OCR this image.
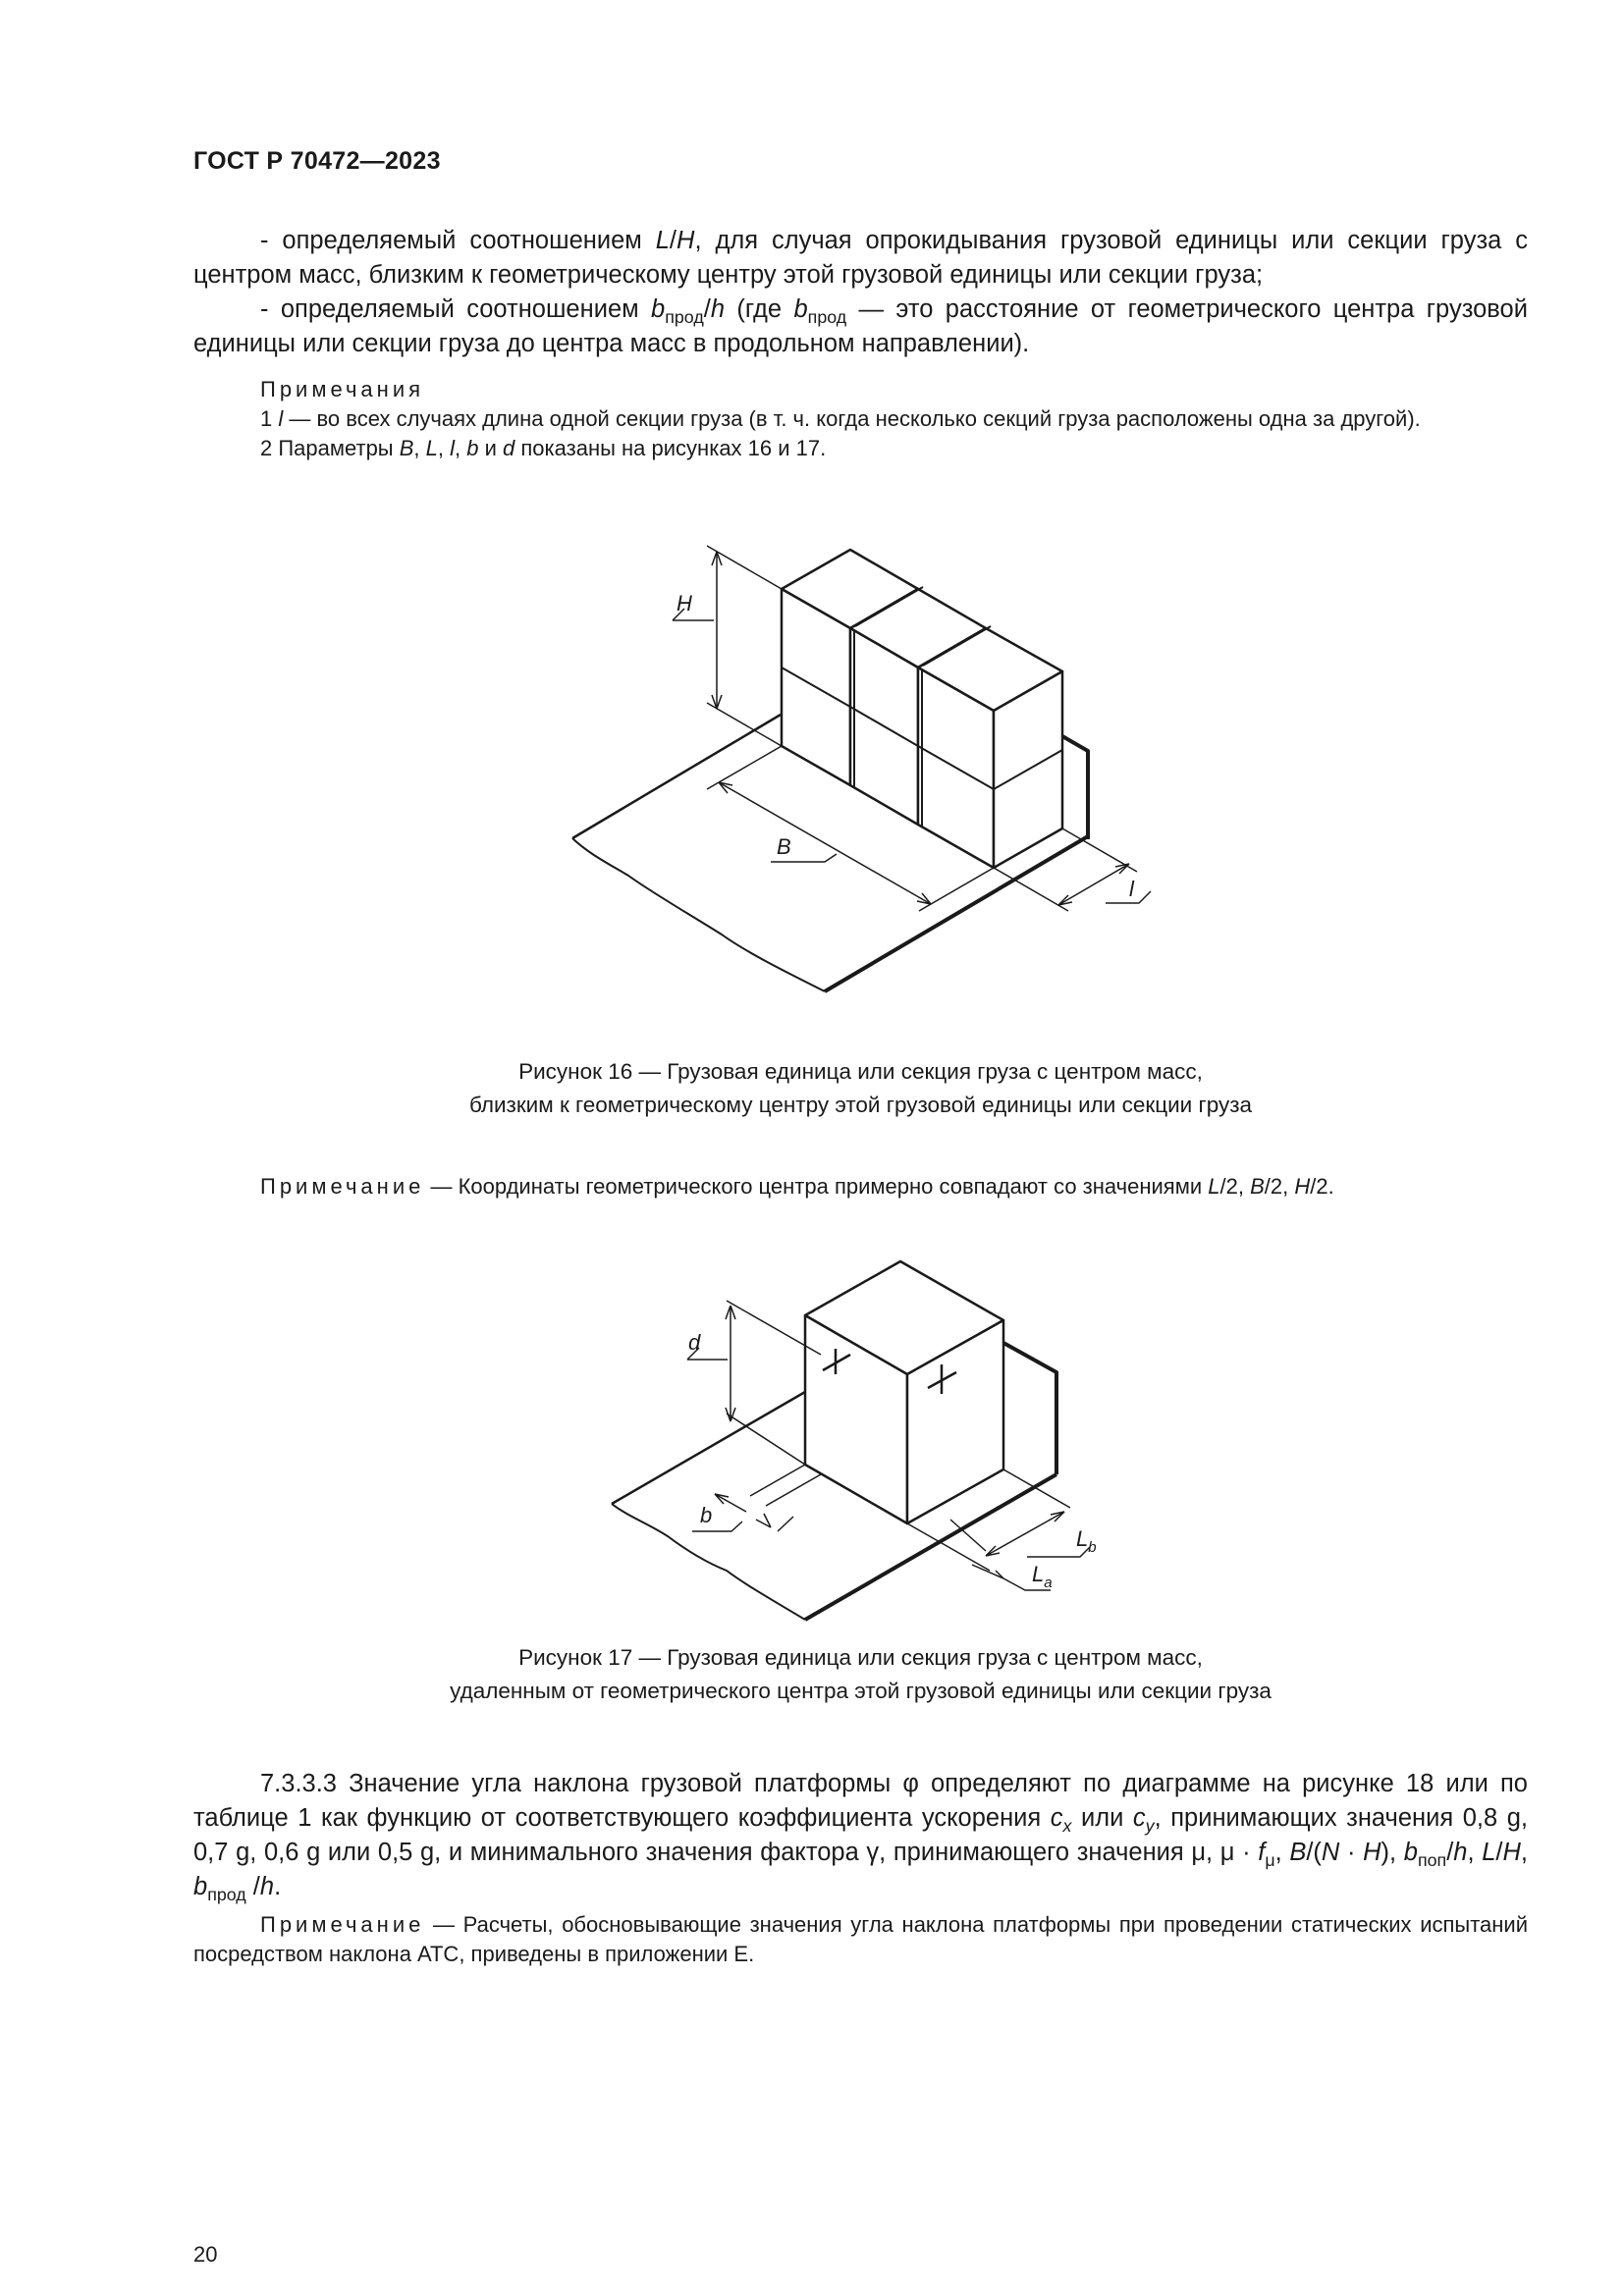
ГОСТ Р 70472—2023
- определяемый соотношением L/H, для случая опрокидывания грузовой единицы или секции груза с центром масс, близким к геометрическому центру этой грузовой единицы или секции груза;
- определяемый соотношением $b_{прод}/h$ (где $b_{прод}$ — это расстояние от геометрического центра грузовой единицы или секции груза до центра масс в продольном направлении).
Примечания
1 l — во всех случаях длина одной секции груза (в т. ч. когда несколько секций груза расположены одна за другой).
2 Параметры B, L, l, b и d показаны на рисунках 16 и 17.
H
B
l
Рисунок 16 — Грузовая единица или секция груза с центром масс,
близким к геометрическому центру этой грузовой единицы или секции груза
Примечание — Координаты геометрического центра примерно совпадают со значениями L/2, B/2, H/2.
d
b
$L_b$
$L_a$
Рисунок 17 — Грузовая единица или секция груза с центром масс,
удаленным от геометрического центра этой грузовой единицы или секции груза
7.3.3.3 Значение угла наклона грузовой платформы φ определяют по диаграмме на рисунке 18 или по таблице 1 как функцию от соответствующего коэффициента ускорения $c_x$ или $c_y$, принимающих значения 0,8 g, 0,7 g, 0,6 g или 0,5 g, и минимального значения фактора γ, принимающего значения μ, $\mu \cdot f_\mu$, B/(N · H), $b_{поп}/h$, L/H, $b_{прод}$ /h.
Примечание — Расчеты, обосновывающие значения угла наклона платформы при проведении статических испытаний посредством наклона АТС, приведены в приложении Е.
20
